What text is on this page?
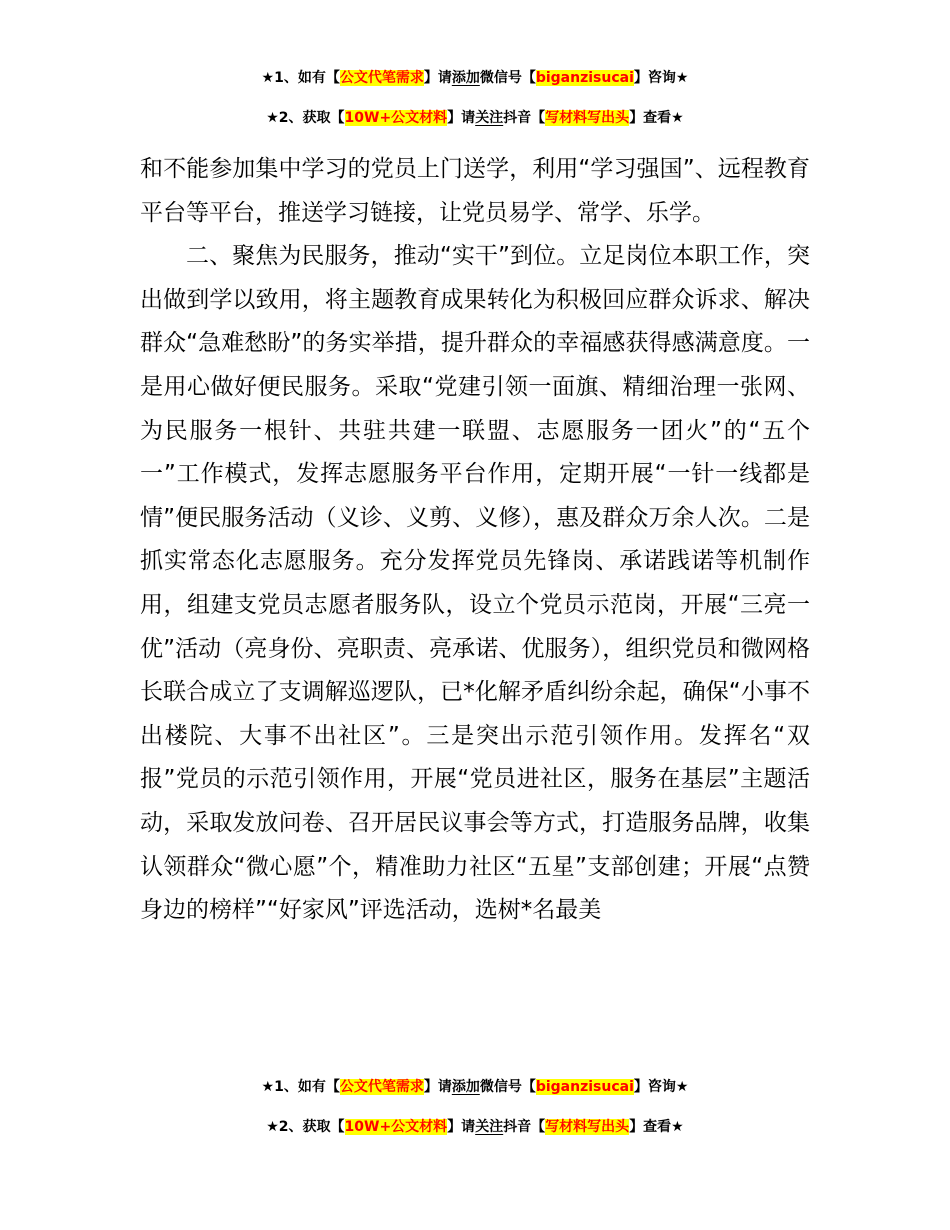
★1、如有【公文代笔需求】请添加微信号【biganzisucai】咨询★
★2、获取【10W+公文材料】请关注抖音【写材料写出头】查看★

和不能参加集中学习的党员上门送学，利用“学习强国”、远程教育平台等平台，推送学习链接，让党员易学、常学、乐学。

二、聚焦为民服务，推动“实干”到位。立足岗位本职工作，突出做到学以致用，将主题教育成果转化为积极回应群众诉求、解决群众“急难愁盼”的务实举措，提升群众的幸福感获得感满意度。一是用心做好便民服务。采取“党建引领一面旗、精细治理一张网、为民服务一根针、共驻共建一联盟、志愿服务一团火”的“五个一”工作模式，发挥志愿服务平台作用，定期开展“一针一线都是情”便民服务活动（义诊、义剪、义修），惠及群众万余人次。二是抓实常态化志愿服务。充分发挥党员先锋岗、承诺践诺等机制作用，组建支党员志愿者服务队，设立个党员示范岗，开展“三亮一优”活动（亮身份、亮职责、亮承诺、优服务），组织党员和微网格长联合成立了支调解巡逻队，已*化解矛盾纠纷余起，确保“小事不出楼院、大事不出社区”。三是突出示范引领作用。发挥名“双报”党员的示范引领作用，开展“党员进社区，服务在基层”主题活动，采取发放问卷、召开居民议事会等方式，打造服务品牌，收集认领群众“微心愿”个，精准助力社区“五星”支部创建；开展“点赞身边的榜样”“好家风”评选活动，选树*名最美

★1、如有【公文代笔需求】请添加微信号【biganzisucai】咨询★
★2、获取【10W+公文材料】请关注抖音【写材料写出头】查看★
